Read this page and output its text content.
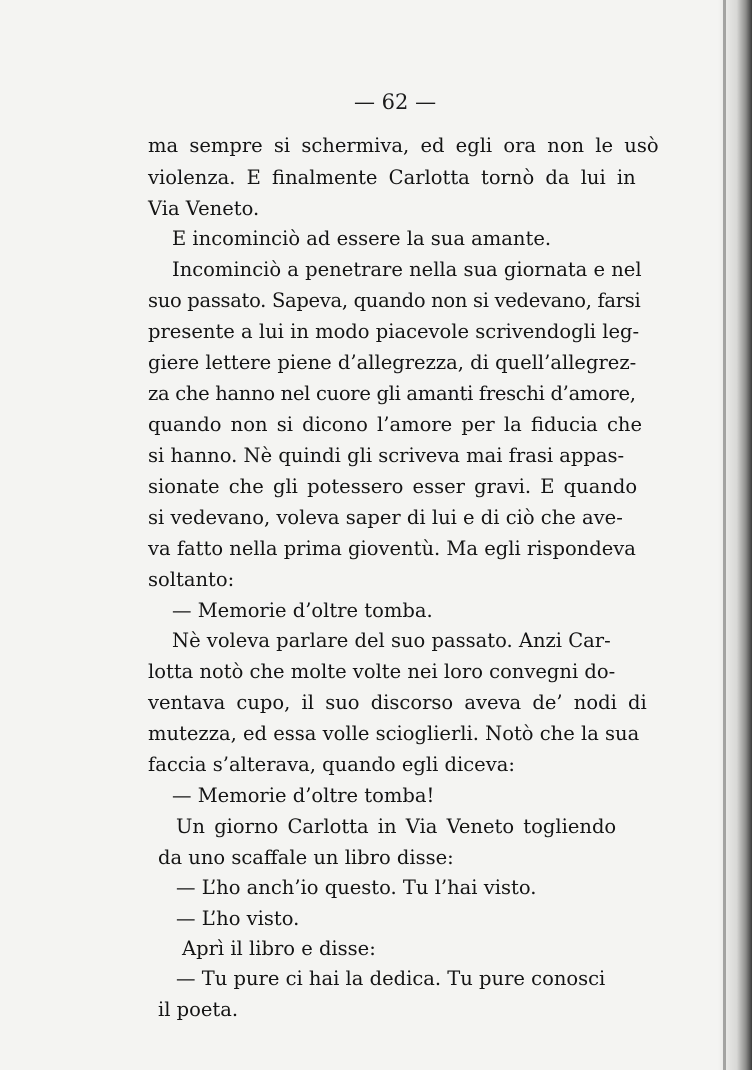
— 62 —
ma sempre si schermiva, ed egli ora non le usò
violenza. E finalmente Carlotta tornò da lui in
Via Veneto.
E incominciò ad essere la sua amante.
Incominciò a penetrare nella sua giornata e nel
suo passato. Sapeva, quando non si vedevano, farsi
presente a lui in modo piacevole scrivendogli leg-
giere lettere piene d’allegrezza, di quell’allegrez-
za che hanno nel cuore gli amanti freschi d’amore,
quando non si dicono l’amore per la fiducia che
si hanno. Nè quindi gli scriveva mai frasi appas-
sionate che gli potessero esser gravi. E quando
si vedevano, voleva saper di lui e di ciò che ave-
va fatto nella prima gioventù. Ma egli rispondeva
soltanto:
— Memorie d’oltre tomba.
Nè voleva parlare del suo passato. Anzi Car-
lotta notò che molte volte nei loro convegni do-
ventava cupo, il suo discorso aveva de’ nodi di
mutezza, ed essa volle scioglierli. Notò che la sua
faccia s’alterava, quando egli diceva:
— Memorie d’oltre tomba!
Un giorno Carlotta in Via Veneto togliendo
da uno scaffale un libro disse:
— L’ho anch’io questo. Tu l’hai visto.
— L’ho visto.
Aprì il libro e disse:
— Tu pure ci hai la dedica. Tu pure conosci
il poeta.
